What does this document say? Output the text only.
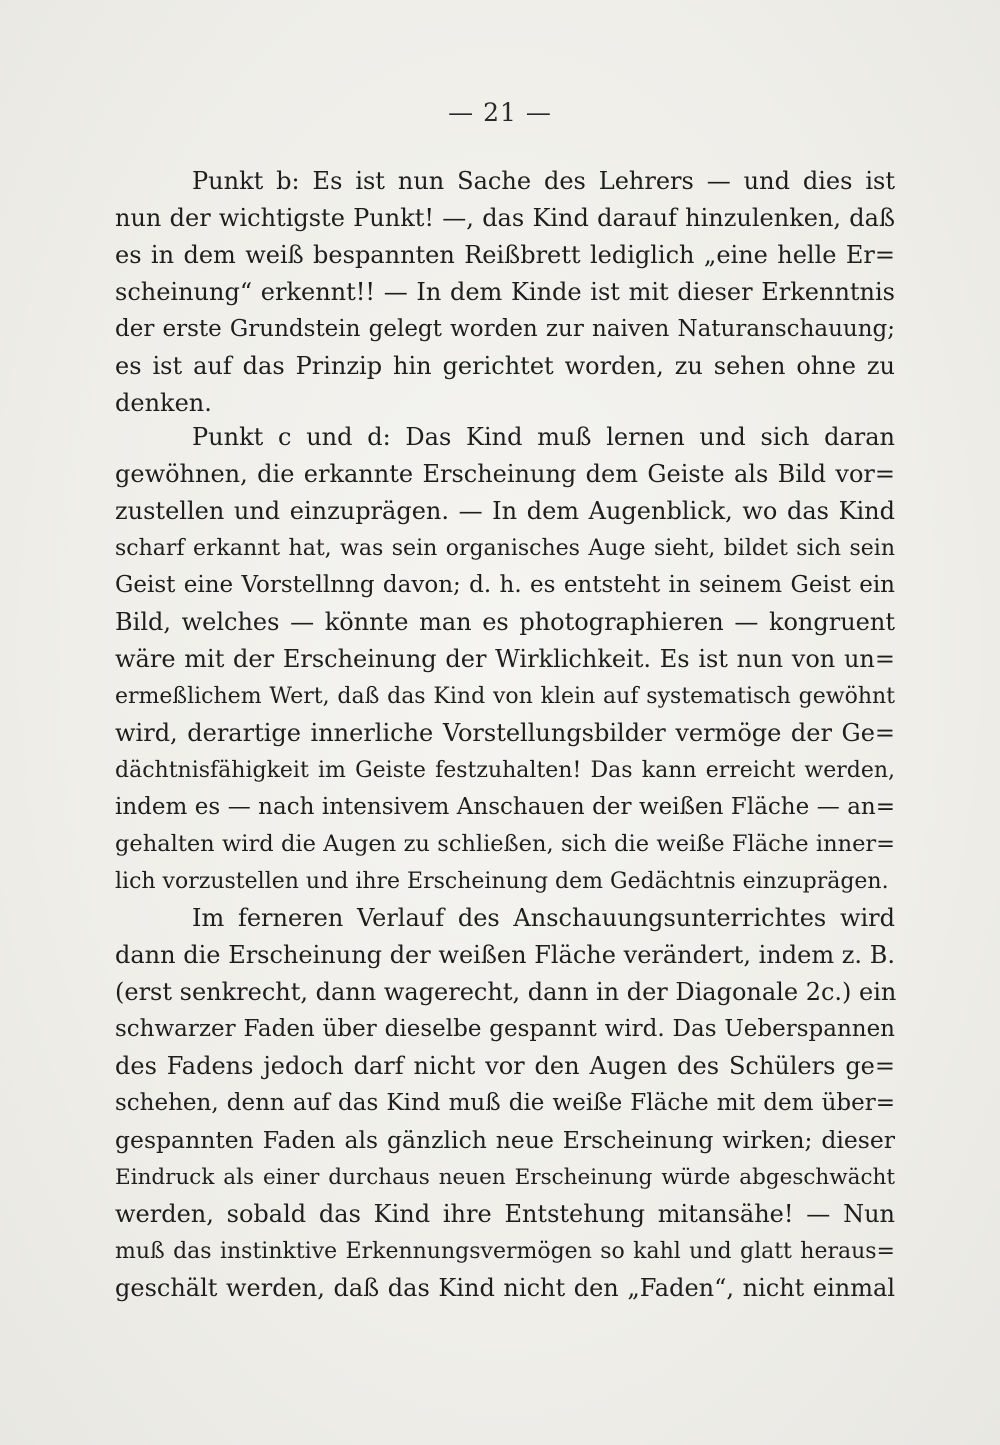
— 21 —
Punkt b: Es ist nun Sache des Lehrers — und dies ist
nun der wichtigste Punkt! —, das Kind darauf hinzulenken, daß
es in dem weiß bespannten Reißbrett lediglich „eine helle Er=
scheinung“ erkennt!! — In dem Kinde ist mit dieser Erkenntnis
der erste Grundstein gelegt worden zur naiven Naturanschauung;
es ist auf das Prinzip hin gerichtet worden, zu sehen ohne zu
denken.
Punkt c und d: Das Kind muß lernen und sich daran
gewöhnen, die erkannte Erscheinung dem Geiste als Bild vor=
zustellen und einzuprägen. — In dem Augenblick, wo das Kind
scharf erkannt hat, was sein organisches Auge sieht, bildet sich sein
Geist eine Vorstellnng davon; d. h. es entsteht in seinem Geist ein
Bild, welches — könnte man es photographieren — kongruent
wäre mit der Erscheinung der Wirklichkeit. Es ist nun von un=
ermeßlichem Wert, daß das Kind von klein auf systematisch gewöhnt
wird, derartige innerliche Vorstellungsbilder vermöge der Ge=
dächtnisfähigkeit im Geiste festzuhalten! Das kann erreicht werden,
indem es — nach intensivem Anschauen der weißen Fläche — an=
gehalten wird die Augen zu schließen, sich die weiße Fläche inner=
lich vorzustellen und ihre Erscheinung dem Gedächtnis einzuprägen.
Im ferneren Verlauf des Anschauungsunterrichtes wird
dann die Erscheinung der weißen Fläche verändert, indem z. B.
(erst senkrecht, dann wagerecht, dann in der Diagonale 2c.) ein
schwarzer Faden über dieselbe gespannt wird. Das Ueberspannen
des Fadens jedoch darf nicht vor den Augen des Schülers ge=
schehen, denn auf das Kind muß die weiße Fläche mit dem über=
gespannten Faden als gänzlich neue Erscheinung wirken; dieser
Eindruck als einer durchaus neuen Erscheinung würde abgeschwächt
werden, sobald das Kind ihre Entstehung mitansähe! — Nun
muß das instinktive Erkennungsvermögen so kahl und glatt heraus=
geschält werden, daß das Kind nicht den „Faden“, nicht einmal
